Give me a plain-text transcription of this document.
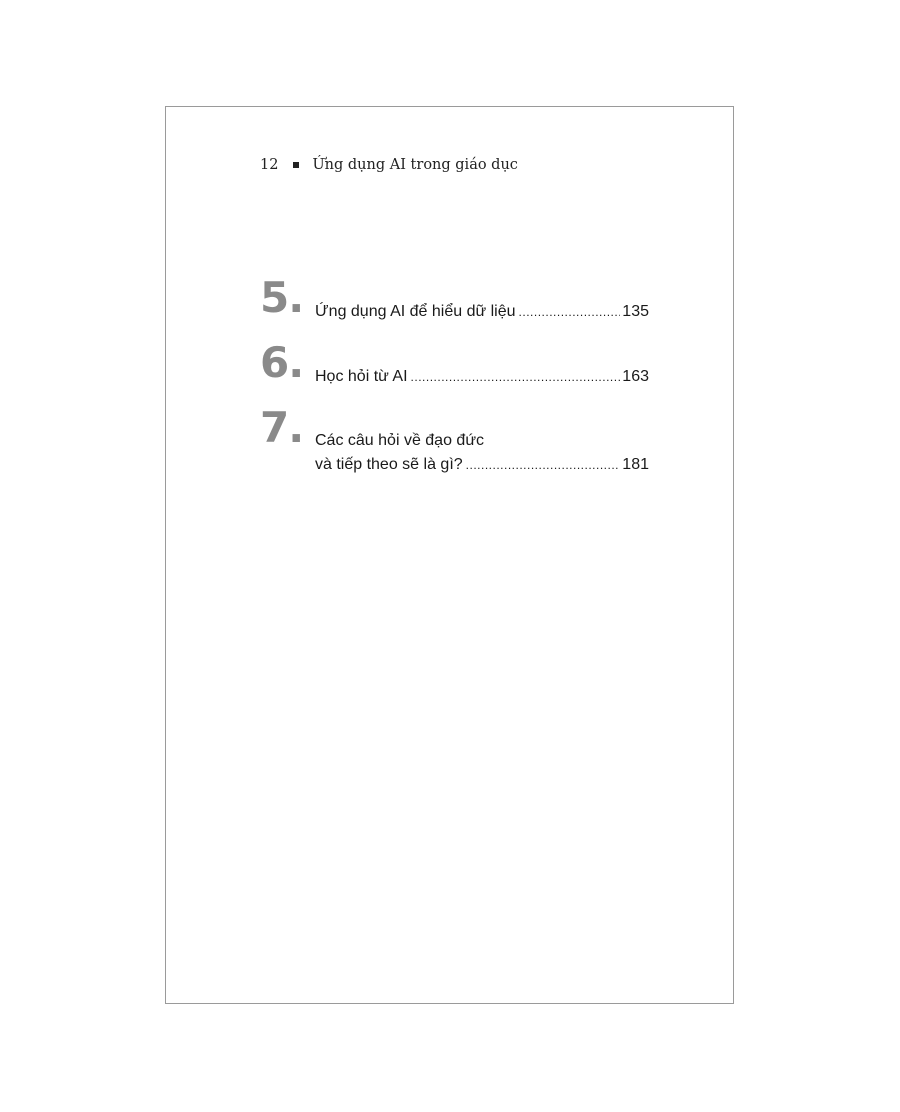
12 Ứng dụng AI trong giáo dục
5. Ứng dụng AI để hiểu dữ liệu .....	135
6. Học hỏi từ AI .....	163
7. Các câu hỏi về đạo đức
và tiếp theo sẽ là gì? .....	181
